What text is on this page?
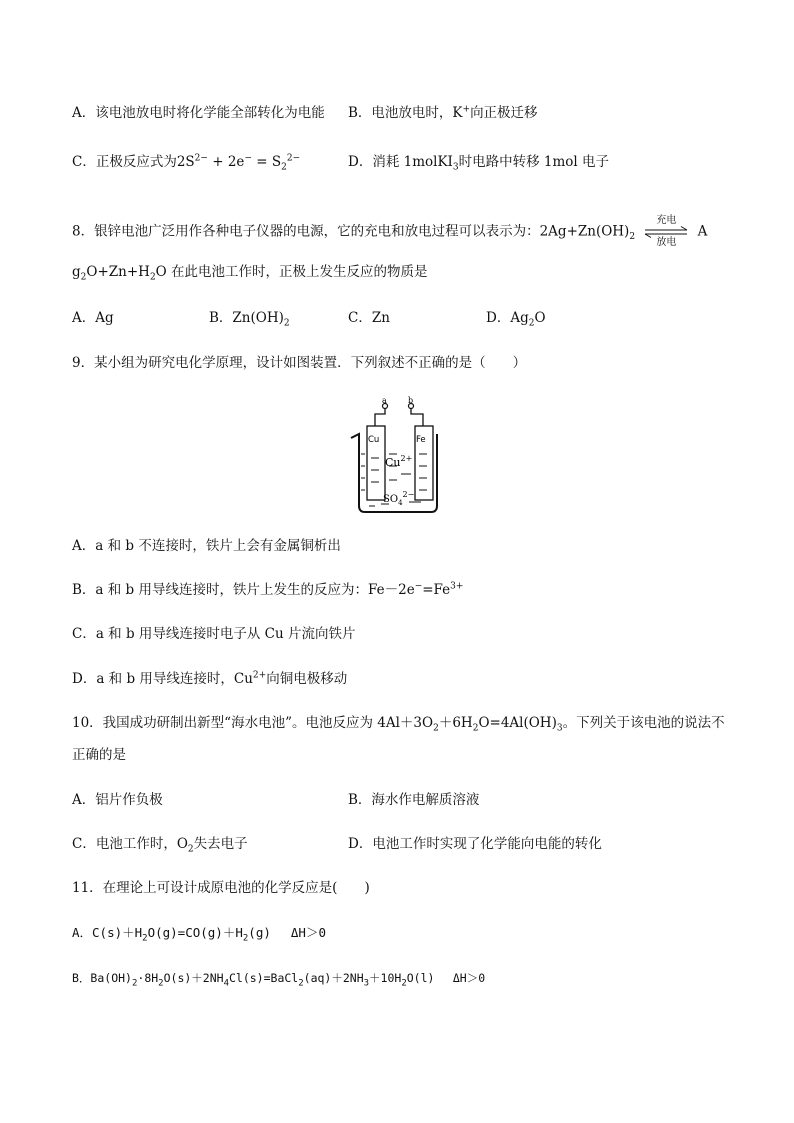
A．该电池放电时将化学能全部转化为电能 B．电池放电时，K+向正极迁移
C．正极反应式为$2S^{2-} + 2e^- = S_2^{2-}$	D．消耗 1molKI$_3$时电路中转移 1mol 电子
8．银锌电池广泛用作各种电子仪器的电源，它的充电和放电过程可以表示为：$2Ag+Zn(OH)_2$
充电
放电
A
$g_2O+Zn+H_2O$ 在此电池工作时，正极上发生反应的物质是
A．Ag	B．$Zn(OH)_2$	C．Zn	D．$Ag_2O$
9．某小组为研究电化学原理，设计如图装置．下列叙述不正确的是（　　）
a	b
Cu	Fe
$Cu^{2+}$
$SO_4^{2-}$
A．a 和 b 不连接时，铁片上会有金属铜析出
B．a 和 b 用导线连接时，铁片上发生的反应为：$Fe-2e^-=Fe^{3+}$
C．a 和 b 用导线连接时电子从 Cu 片流向铁片
D．a 和 b 用导线连接时，$Cu^{2+}$向铜电极移动
10．我国成功研制出新型“海水电池”。电池反应为 $4Al+3O_2+6H_2O=4Al(OH)_3$。下列关于该电池的说法不
正确的是
A．铝片作负极	B．海水作电解质溶液
C．电池工作时，$O_2$失去电子	D．电池工作时实现了化学能向电能的转化
11．在理论上可设计成原电池的化学反应是(　　)
A．$C(s)+H_2O(g)=CO(g)+H_2(g)$　 ΔH＞0
B．$Ba(OH)_2\cdot 8H_2O(s)+2NH_4Cl(s)=BaCl_2(aq)+2NH_3+10H_2O(l)$　 ΔH＞0
